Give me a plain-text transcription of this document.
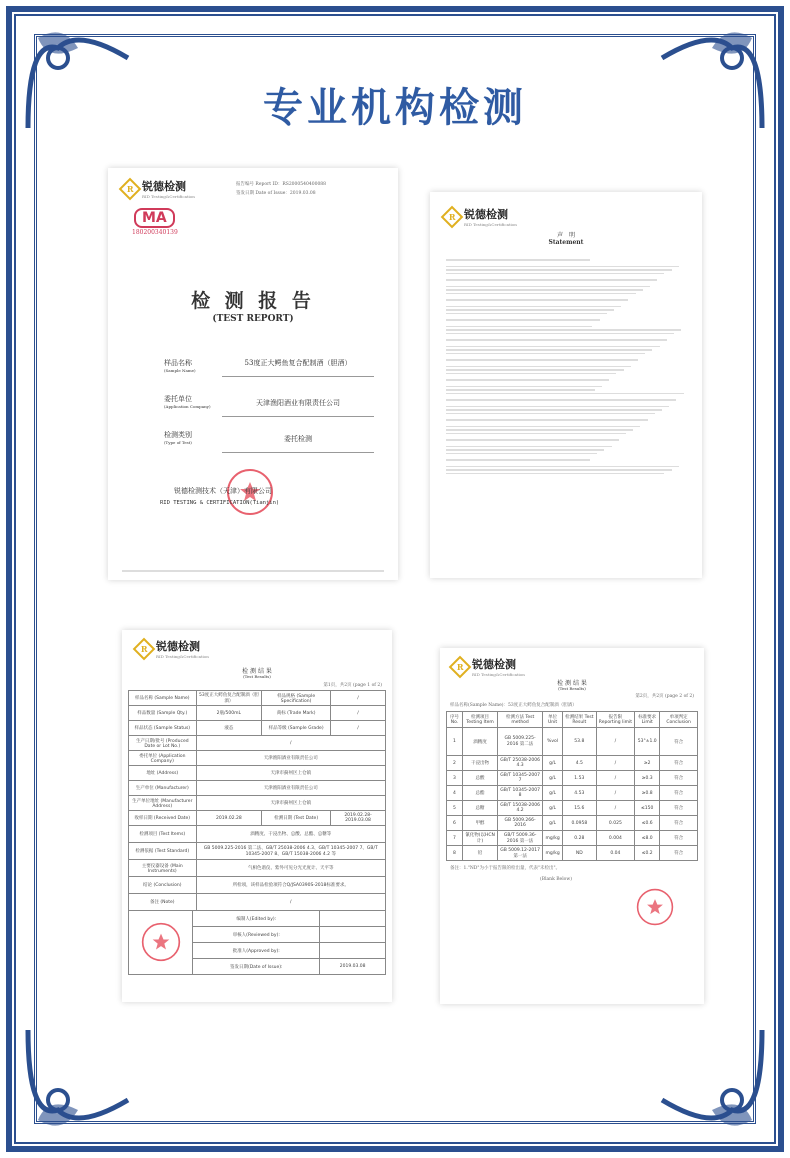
专业机构检测
R 锐德检测
RID Testing&Certification
报告编号 Report ID：RS2000540400088
签发日期 Date of Issue：2019.03.08
MA
180200340139
检 测 报 告
(TEST REPORT)
样品名称
(Sample Name)
53度正大鳄鱼复合配制酒（胆酒）
委托单位
(Application Company)	天津渔阳酒业有限责任公司
检测类别
(Type of Test)	委托检测
锐德检测技术（天津）有限公司
RID TESTING & CERTIFICATION(Tianjin)
R 锐德检测
RID Testing&Certification
声　明
Statement
R 锐德检测
RID Testing&Certification
检 测 结 果
(Test Results)
第1页，共2页 (page 1 of 2)
样品名称 (Sample Name)	53度正大鳄鱼复合配制酒（胆酒）	样品规格 (Sample Specification)	/
样品数量 (Sample Qty.)	2瓶/500mL	商标 (Trade Mark)	/
样品状态 (Sample Status)	液态	样品等级 (Sample Grade)	/
生产日期/批号 (Produced Date or Lot No.)	/		
委托单位 (Application Company)	天津渔阳酒业有限责任公司		
地址 (Address)	天津市蓟州区上仓镇		
生产单位 (Manufacturer)	天津渔阳酒业有限责任公司		
生产单位地址 (Manufacturer Address)	天津市蓟州区上仓镇		
收样日期 (Received Date)	2019.02.28	检测日期 (Test Date)	2019.02.28-2019.03.08
检测项目 (Test Items)	酒精度、干浸出物、总酸、总酯、总糖等		
检测依据 (Test Standard)	GB 5009.225-2016 第二法、GB/T 25038-2006 4.3、GB/T 10345-2007 7、GB/T 10345-2007 8、GB/T 15038-2006 4.2 等		
主要仪器设备 (Main Instruments)	气相色谱仪、紫外可见分光光度计、天平等		
结论 (Conclusion)	所检项，该样品检验项符合Q/JSA0390S-2018标准要求。		
备注 (Note)	/		
	编制人(Edited by):	
	审核人(Reviewed by):	
	批准人(Approved by):	
	签发日期(Date of Issue):	2019.03.08
R 锐德检测
RID Testing&Certification
检 测 结 果
(Test Results)
第2页，共2页 (page 2 of 2)
样品名称(Sample Name)：53度正大鳄鱼复合配制酒（胆酒）
序号 No.	检测项目 Testing Item	检测方法 Test method	单位 Unit	检测结果 Test Result	报告限 Reporting limit	标准要求 Limit	单项判定 Conclusion
1	酒精度	GB 5009.225-2016 第二法	%vol	53.8	/	53°±1.0	符合
2	干浸出物	GB/T 25038-2006 4.3	g/L	4.5	/	≥2	符合
3	总酸	GB/T 10345-2007 7	g/L	1.53	/	≥0.3	符合
4	总酯	GB/T 10345-2007 8	g/L	4.53	/	≥0.8	符合
5	总糖	GB/T 15038-2006 4.2	g/L	15.6	/	≤150	符合
6	甲醇	GB 5009.266-2016	g/L	0.0958	0.025	≤0.6	符合
7	氰化物(以HCN计)	GB/T 5009.36-2016 第一法	mg/kg	0.28	0.004	≤8.0	符合
8	铅	GB 5009.12-2017 第一法	mg/kg	ND	0.04	≤0.2	符合
备注：1."ND"为小于报告限的检出量，代表"未检出"。
(Blank Below)
